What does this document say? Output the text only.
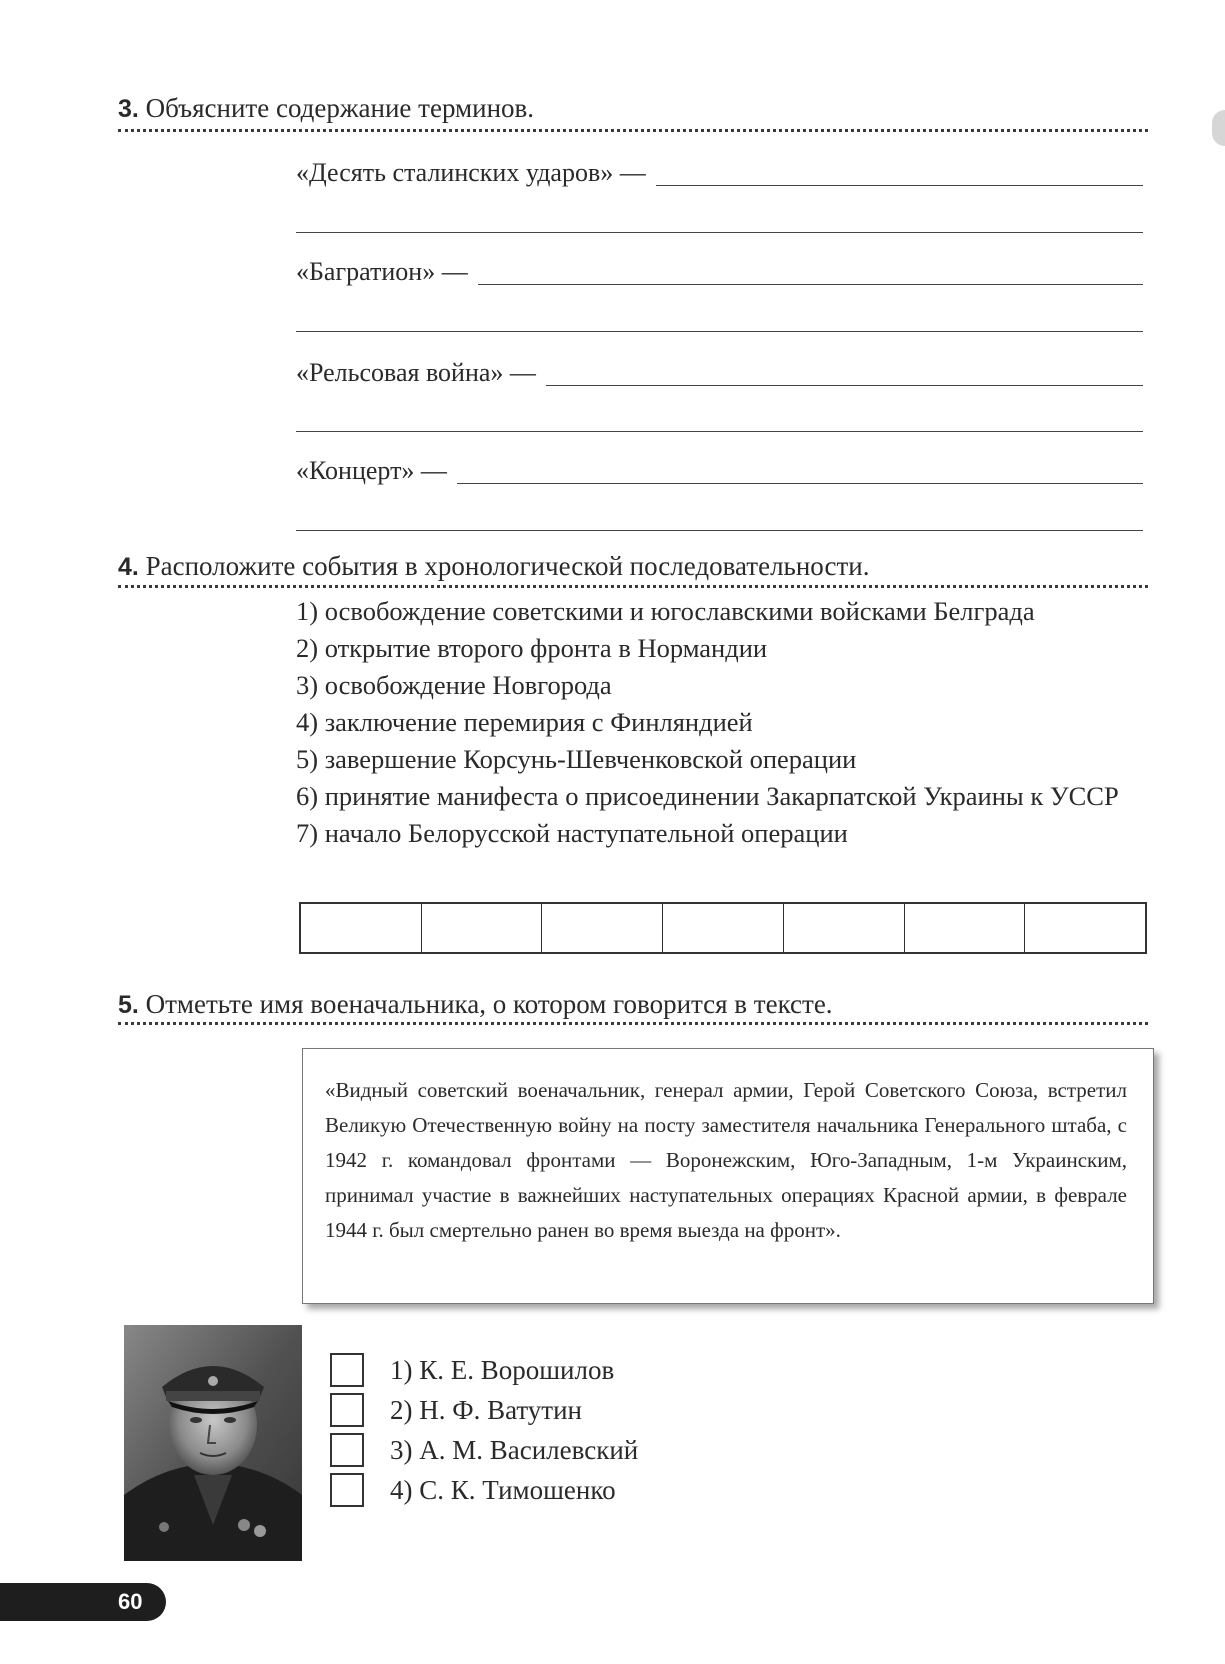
3. Объясните содержание терминов.
«Десять сталинских ударов» —
«Багратион» —
«Рельсовая война» —
«Концерт» —
4. Расположите события в хронологической последовательности.
1) освобождение советскими и югославскими войсками Белграда
2) открытие второго фронта в Нормандии
3) освобождение Новгорода
4) заключение перемирия с Финляндией
5) завершение Корсунь-Шевченковской операции
6) принятие манифеста о присоединении Закарпатской Украины к УССР
7) начало Белорусской наступательной операции
5. Отметьте имя военачальника, о котором говорится в тексте.
«Видный советский военачальник, генерал армии, Герой Советского Союза, встретил Великую Отечественную войну на посту заместителя начальника Генерального штаба, с 1942 г. командовал фронтами — Воронежским, Юго-Западным, 1-м Украинским, принимал участие в важнейших наступательных операциях Красной армии, в феврале 1944 г. был смертельно ранен во время выезда на фронт».
1) К. Е. Ворошилов
2) Н. Ф. Ватутин
3) А. М. Василевский
4) С. К. Тимошенко
60
